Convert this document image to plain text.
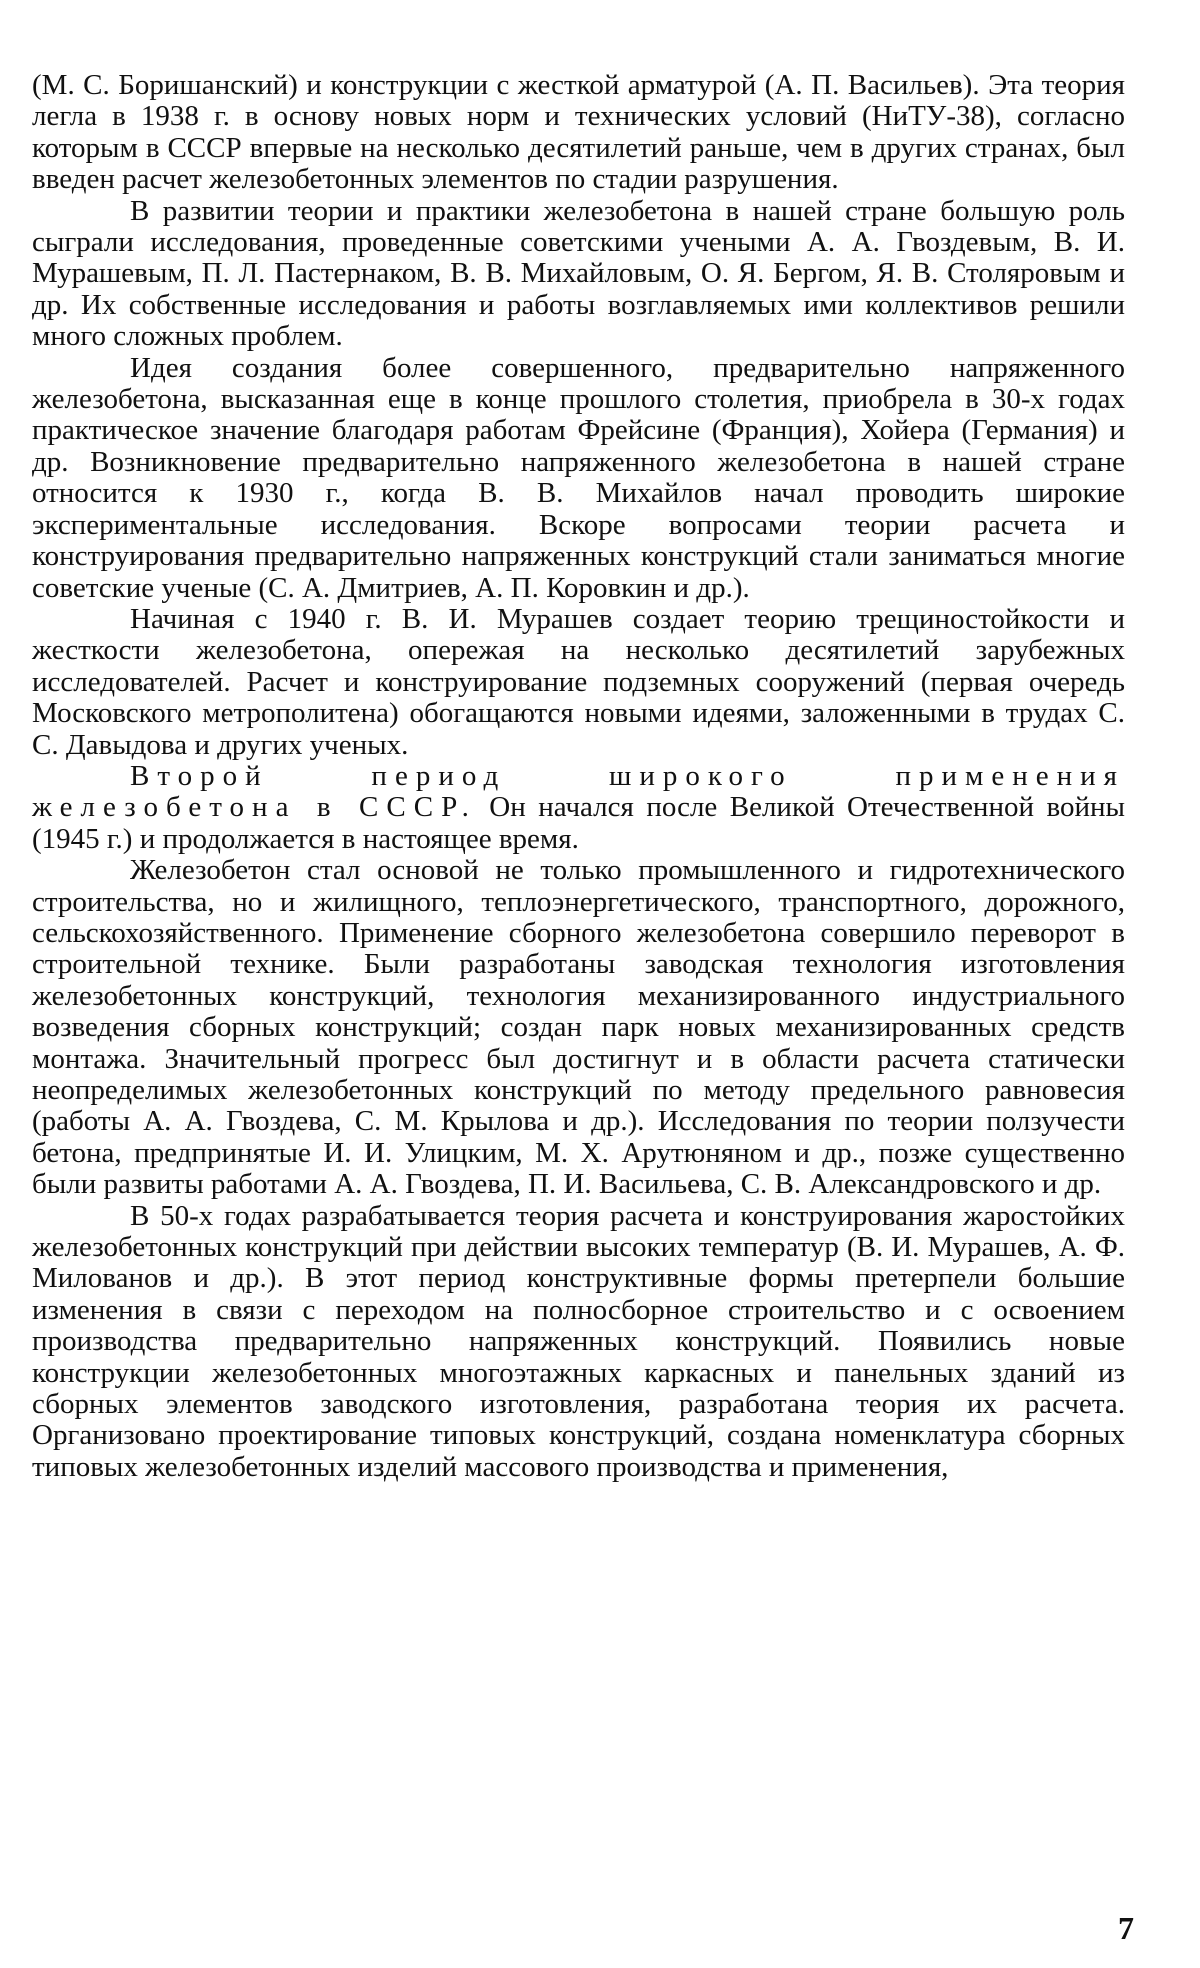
(М. С. Боришанский) и конструкции с жесткой арматурой (А. П. Васильев). Эта теория легла в 1938 г. в основу новых норм и технических условий (НиТУ-38), согласно которым в СССР впервые на несколько десятилетий раньше, чем в других странах, был введен расчет железобетонных элементов по стадии разрушения.

В развитии теории и практики железобетона в нашей стране большую роль сыграли исследования, проведенные советскими учеными А. А. Гвоздевым, В. И. Мурашевым, П. Л. Пастернаком, В. В. Михайловым, О. Я. Бергом, Я. В. Столяровым и др. Их собственные исследования и работы возглавляемых ими коллективов решили много сложных проблем.

Идея создания более совершенного, предварительно напряженного железобетона, высказанная еще в конце прошлого столетия, приобрела в 30-х годах практическое значение благодаря работам Фрейсине (Франция), Хойера (Германия) и др. Возникновение предварительно напряженного железобетона в нашей стране относится к 1930 г., когда В. В. Михайлов начал проводить широкие экспериментальные исследования. Вскоре вопросами теории расчета и конструирования предварительно напряженных конструкций стали заниматься многие советские ученые (С. А. Дмитриев, А. П. Коровкин и др.).

Начиная с 1940 г. В. И. Мурашев создает теорию трещиностойкости и жесткости железобетона, опережая на несколько десятилетий зарубежных исследователей. Расчет и конструирование подземных сооружений (первая очередь Московского метрополитена) обогащаются новыми идеями, заложенными в трудах С. С. Давыдова и других ученых.

Второй период широкого применения железобетона в СССР. Он начался после Великой Отечественной войны (1945 г.) и продолжается в настоящее время.

Железобетон стал основой не только промышленного и гидротехнического строительства, но и жилищного, теплоэнергетического, транспортного, дорожного, сельскохозяйственного. Применение сборного железобетона совершило переворот в строительной технике. Были разработаны заводская технология изготовления железобетонных конструкций, технология механизированного индустриального возведения сборных конструкций; создан парк новых механизированных средств монтажа. Значительный прогресс был достигнут и в области расчета статически неопределимых железобетонных конструкций по методу предельного равновесия (работы А. А. Гвоздева, С. М. Крылова и др.). Исследования по теории ползучести бетона, предпринятые И. И. Улицким, М. Х. Арутюняном и др., позже существенно были развиты работами А. А. Гвоздева, П. И. Васильева, С. В. Александровского и др.

В 50-х годах разрабатывается теория расчета и конструирования жаростойких железобетонных конструкций при действии высоких температур (В. И. Мурашев, А. Ф. Милованов и др.). В этот период конструктивные формы претерпели большие изменения в связи с переходом на полносборное строительство и с освоением производства предварительно напряженных конструкций. Появились новые конструкции железобетонных многоэтажных каркасных и панельных зданий из сборных элементов заводского изготовления, разработана теория их расчета. Организовано проектирование типовых конструкций, создана номенклатура сборных типовых железобетонных изделий массового производства и применения,

7
